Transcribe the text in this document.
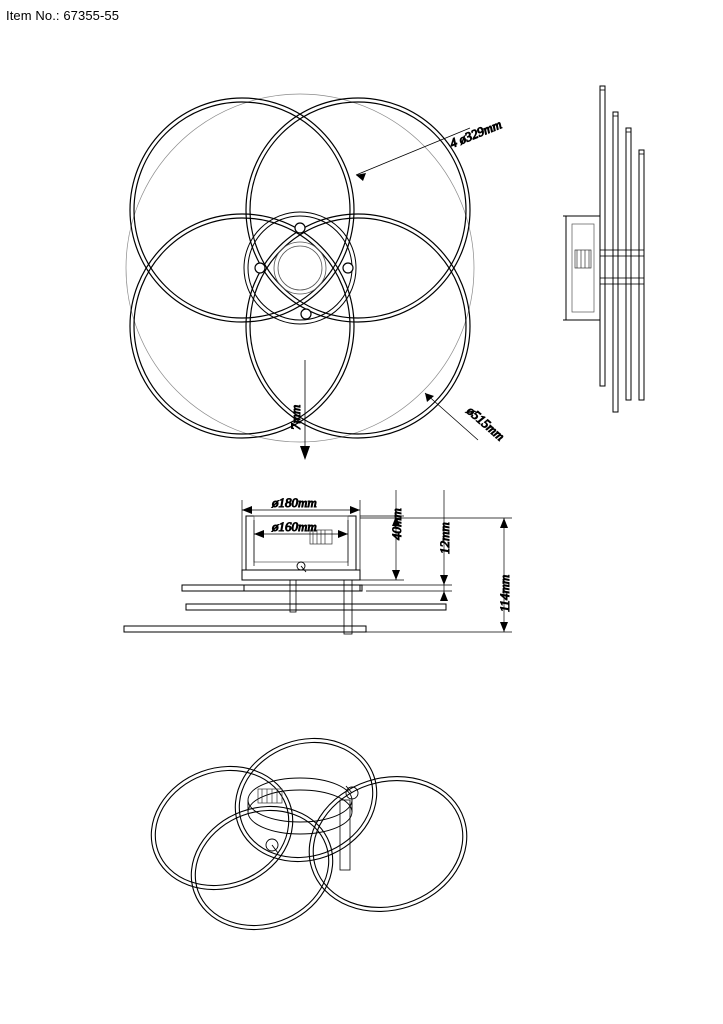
Item No.: 67355-55
4 ø329mm
ø515mm
7mm
ø180mm
ø160mm	40mm	12mm
114mm
